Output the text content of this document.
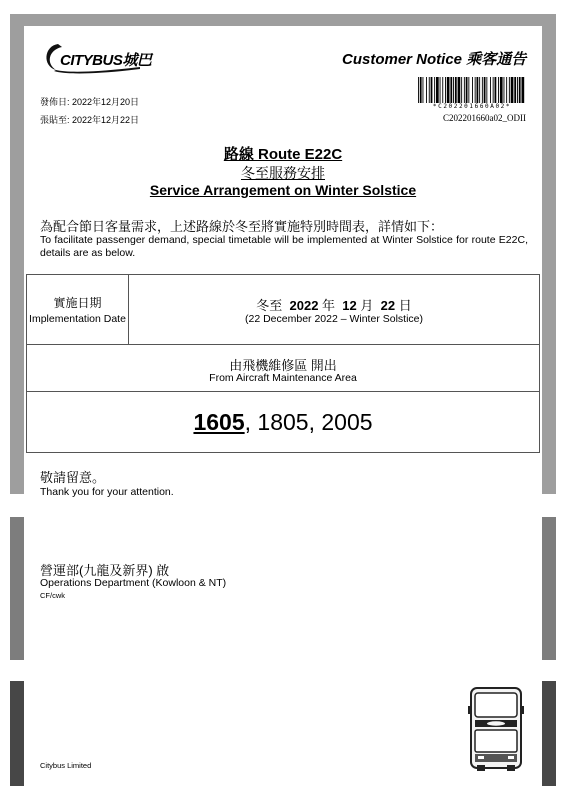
CITYBUS城巴	Customer Notice 乘客通告
發佈日: 2022年12月20日
張貼至: 2022年12月22日
*C202201660A02*
C202201660a02_ODII
路線 Route E22C
冬至服務安排
Service Arrangement on Winter Solstice
為配合節日客量需求，上述路線於冬至將實施特別時間表，詳情如下：
To facilitate passenger demand, special timetable will be implemented at Winter Solstice for route E22C, details are as below.
實施日期
Implementation Date
冬至 2022 年 12 月 22 日
(22 December 2022 – Winter Solstice)
由飛機維修區 開出
From Aircraft Maintenance Area
1605, 1805, 2005
敬請留意。
Thank you for your attention.
營運部(九龍及新界) 啟
Operations Department (Kowloon & NT)
CF/cwk
Citybus Limited
